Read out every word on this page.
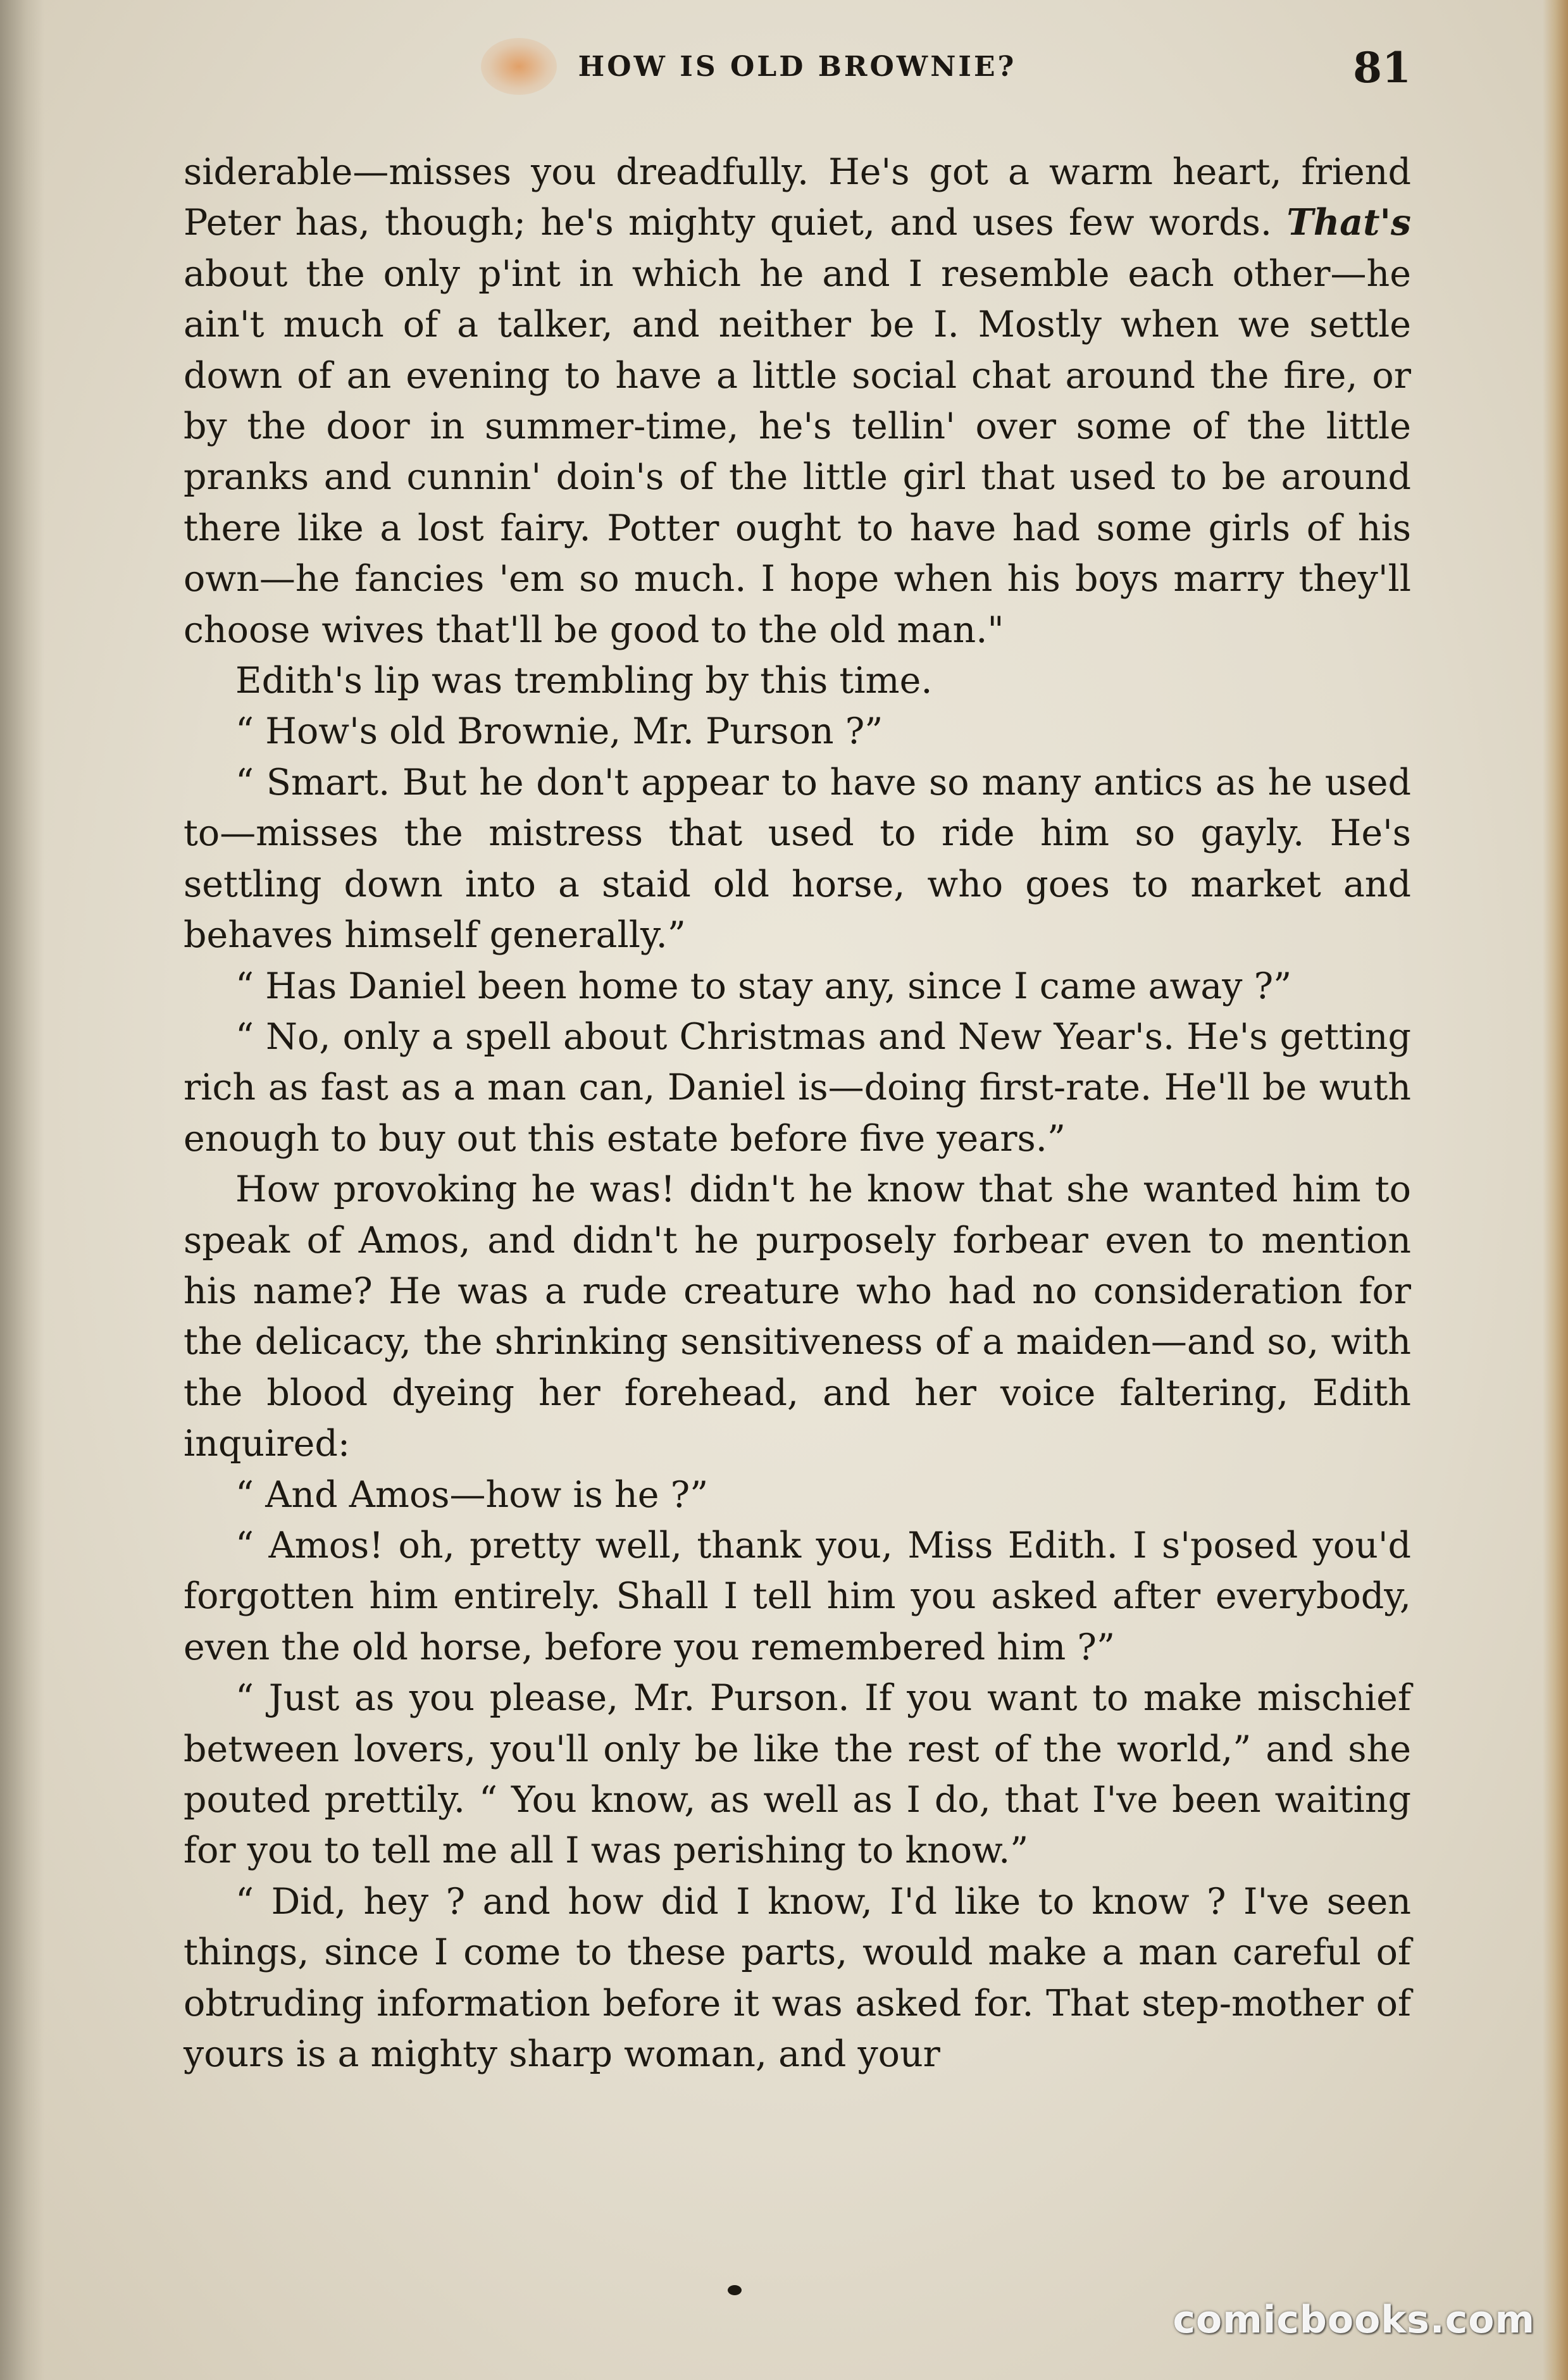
HOW IS OLD BROWNIE?	81

siderable—misses you dreadfully. He's got a warm heart, friend Peter has, though; he's mighty quiet, and uses few words. That's about the only p'int in which he and I resemble each other—he ain't much of a talker, and neither be I. Mostly when we settle down of an evening to have a little social chat around the fire, or by the door in summer-time, he's tellin' over some of the little pranks and cunnin' doin's of the little girl that used to be around there like a lost fairy. Potter ought to have had some girls of his own—he fancies 'em so much. I hope when his boys marry they'll choose wives that'll be good to the old man."

Edith's lip was trembling by this time.

“ How's old Brownie, Mr. Purson ?”

“ Smart. But he don't appear to have so many antics as he used to—misses the mistress that used to ride him so gayly. He's settling down into a staid old horse, who goes to market and behaves himself generally.”

“ Has Daniel been home to stay any, since I came away ?”

“ No, only a spell about Christmas and New Year's. He's getting rich as fast as a man can, Daniel is—doing first-rate. He'll be wuth enough to buy out this estate before five years.”

How provoking he was! didn't he know that she wanted him to speak of Amos, and didn't he purposely forbear even to mention his name? He was a rude creature who had no consideration for the delicacy, the shrinking sensitiveness of a maiden—and so, with the blood dyeing her forehead, and her voice faltering, Edith inquired:

“ And Amos—how is he ?”

“ Amos! oh, pretty well, thank you, Miss Edith. I s'posed you'd forgotten him entirely. Shall I tell him you asked after everybody, even the old horse, before you remembered him ?”

“ Just as you please, Mr. Purson. If you want to make mischief between lovers, you'll only be like the rest of the world,” and she pouted prettily. “ You know, as well as I do, that I've been waiting for you to tell me all I was perishing to know.”

“ Did, hey ? and how did I know, I'd like to know ? I've seen things, since I come to these parts, would make a man careful of obtruding information before it was asked for. That step-mother of yours is a mighty sharp woman, and your

comicbooks.com
